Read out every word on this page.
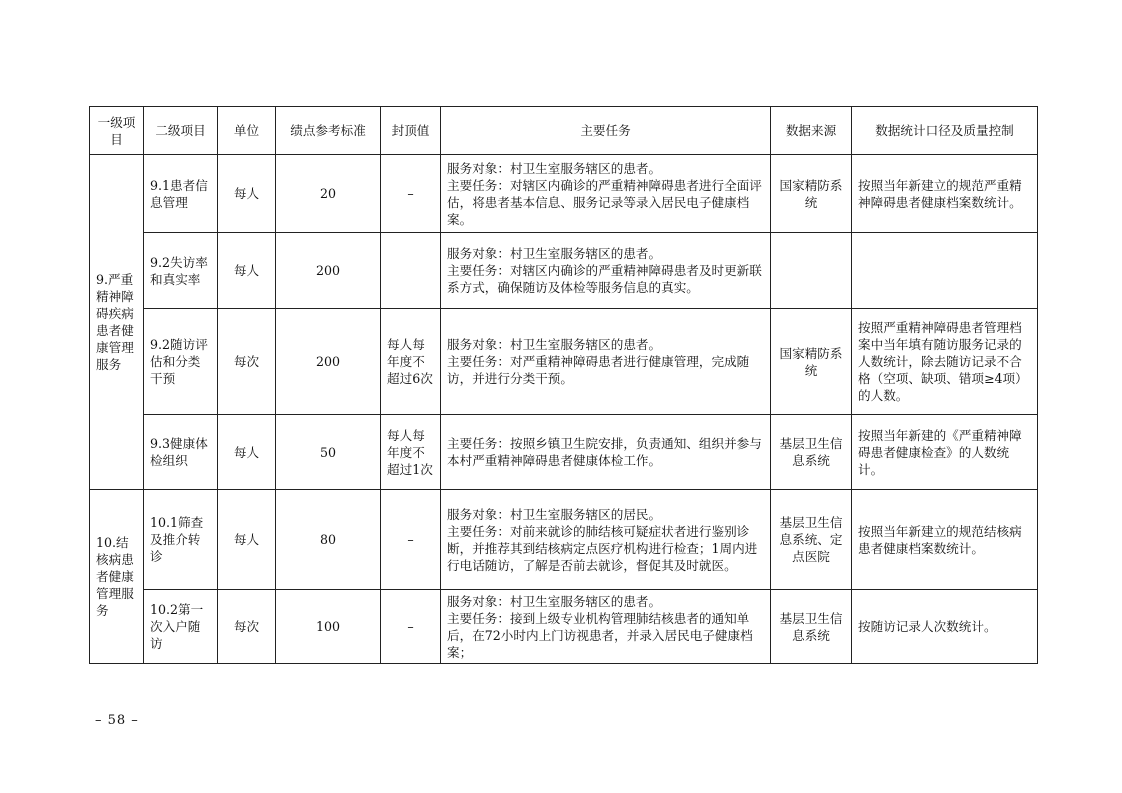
一级项目	二级项目	单位	绩点参考标准	封顶值	主要任务	数据来源	数据统计口径及质量控制
9.严重精神障碍疾病患者健康管理服务	9.1患者信息管理	每人	20	–	服务对象：村卫生室服务辖区的患者。
主要任务：对辖区内确诊的严重精神障碍患者进行全面评估，将患者基本信息、服务记录等录入居民电子健康档案。	国家精防系统	按照当年新建立的规范严重精神障碍患者健康档案数统计。
	9.2失访率和真实率	每人	200		服务对象：村卫生室服务辖区的患者。
主要任务：对辖区内确诊的严重精神障碍患者及时更新联系方式，确保随访及体检等服务信息的真实。		

	9.2随访评估和分类干预	每次	200	每人每年度不超过6次	服务对象：村卫生室服务辖区的患者。
主要任务：对严重精神障碍患者进行健康管理，完成随访，并进行分类干预。	国家精防系统	按照严重精神障碍患者管理档案中当年填有随访服务记录的人数统计，除去随访记录不合格（空项、缺项、错项≥4项）的人数。
	9.3健康体检组织	每人	50	每人每年度不超过1次	主要任务：按照乡镇卫生院安排，负责通知、组织并参与本村严重精神障碍患者健康体检工作。	基层卫生信息系统	按照当年新建的《严重精神障碍患者健康检查》的人数统计。
10.结核病患者健康管理服务	10.1筛查及推介转诊	每人	80	–	服务对象：村卫生室服务辖区的居民。
主要任务：对前来就诊的肺结核可疑症状者进行鉴别诊断，并推荐其到结核病定点医疗机构进行检查；1周内进行电话随访，了解是否前去就诊，督促其及时就医。	基层卫生信息系统、定点医院	按照当年新建立的规范结核病患者健康档案数统计。
	10.2第一次入户随访	每次	100	–	服务对象：村卫生室服务辖区的患者。
主要任务：接到上级专业机构管理肺结核患者的通知单后，在72小时内上门访视患者，并录入居民电子健康档案；	基层卫生信息系统	按随访记录人次数统计。
– 58 –
